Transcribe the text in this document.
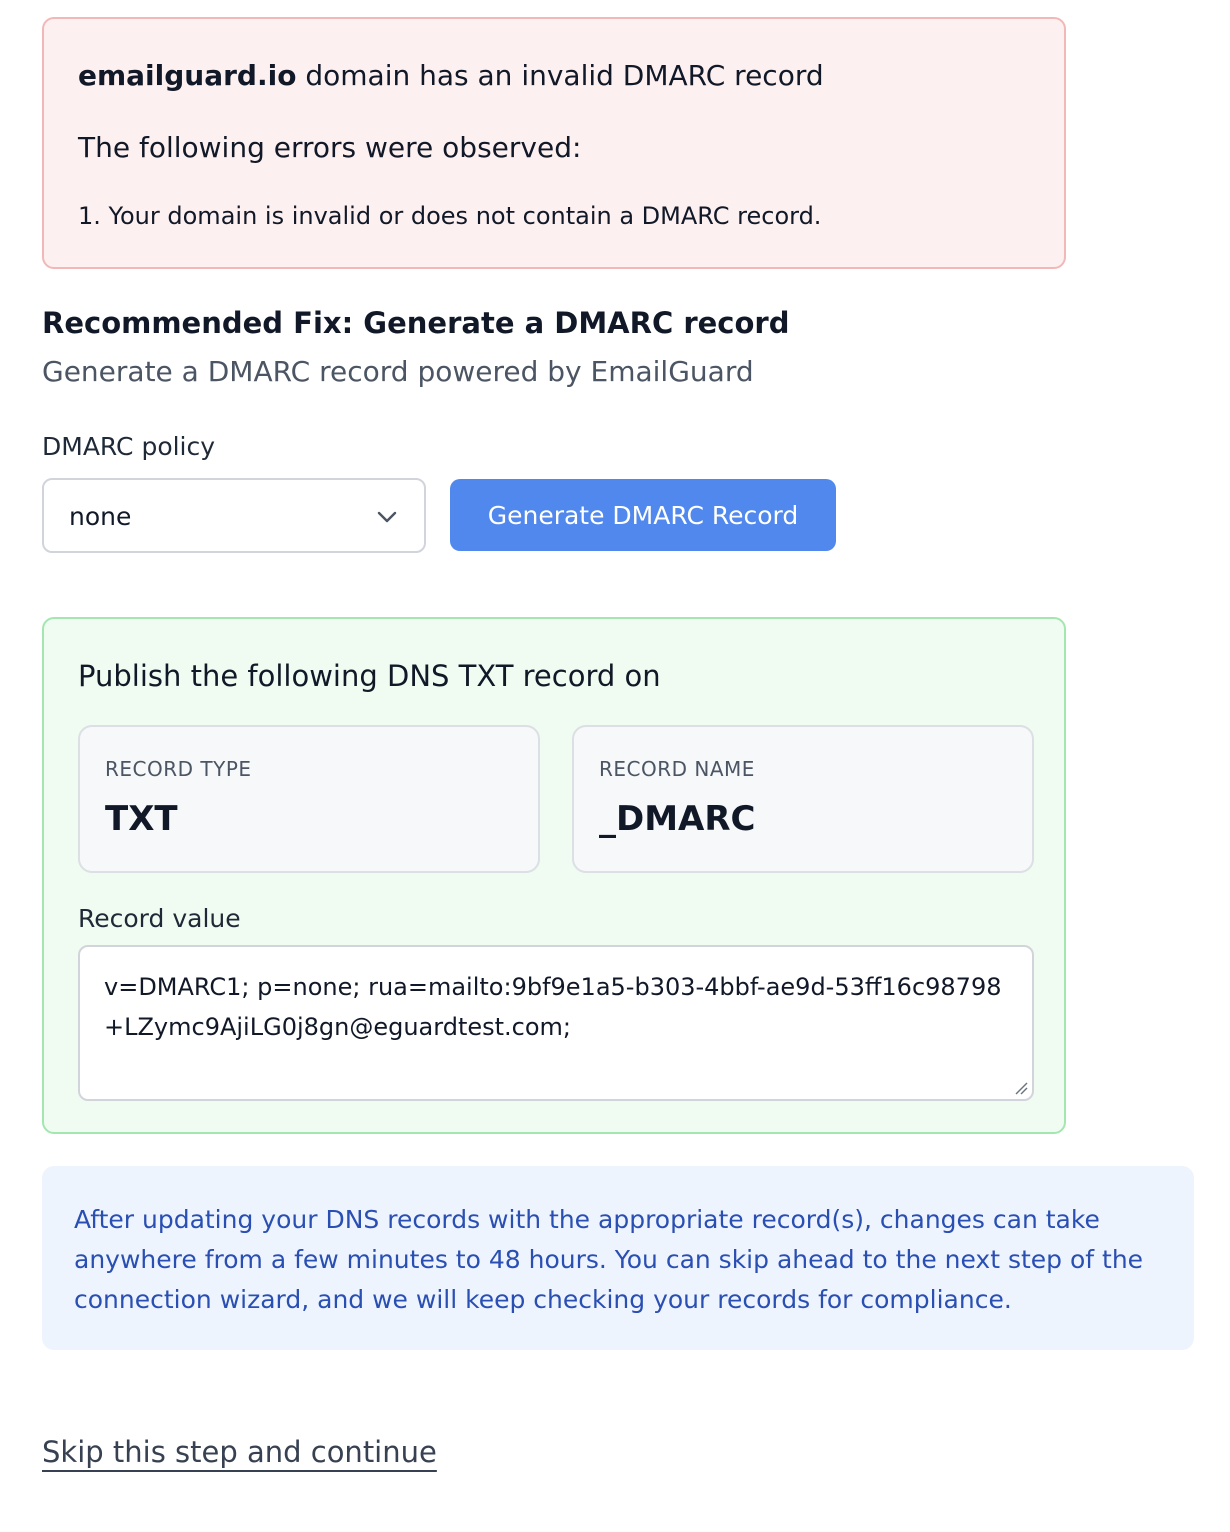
emailguard.io domain has an invalid DMARC record
The following errors were observed:
1. Your domain is invalid or does not contain a DMARC record.
Recommended Fix: Generate a DMARC record
Generate a DMARC record powered by EmailGuard
DMARC policy
none	Generate DMARC Record
Publish the following DNS TXT record on
RECORD TYPE
TXT
RECORD NAME
_DMARC
Record value
v=DMARC1; p=none; rua=mailto:9bf9e1a5-b303-4bbf-ae9d-53ff16c98798+LZymc9AjiLG0j8gn@eguardtest.com;
After updating your DNS records with the appropriate record(s), changes can take anywhere from a few minutes to 48 hours. You can skip ahead to the next step of the connection wizard, and we will keep checking your records for compliance.
Skip this step and continue
